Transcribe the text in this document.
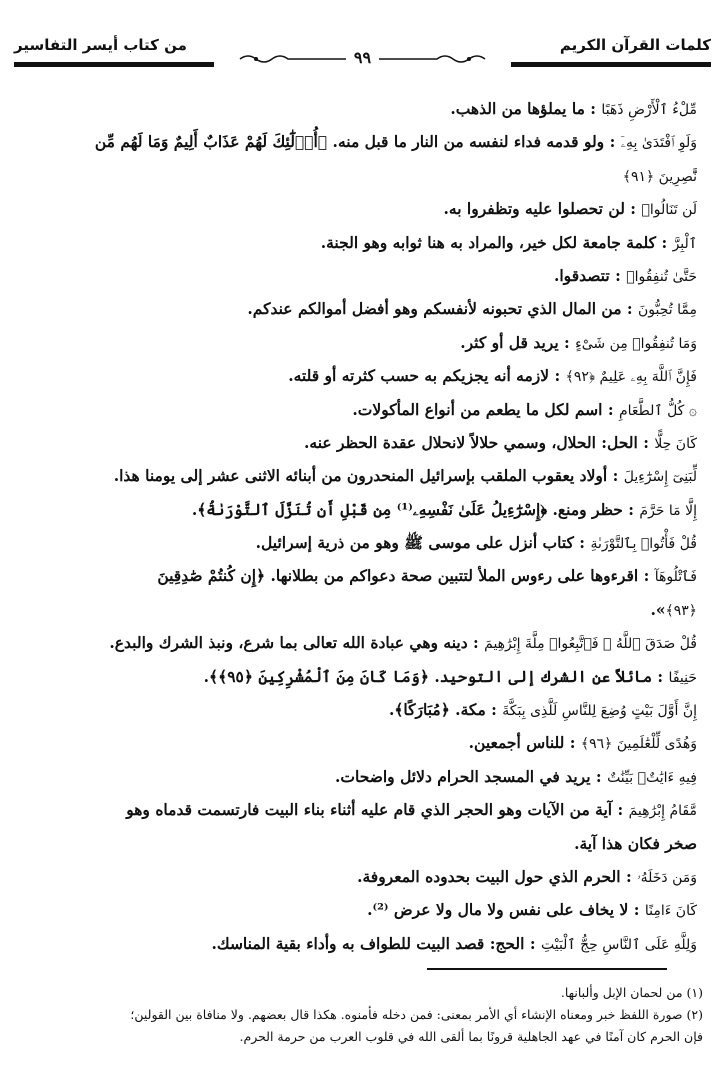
كلمات القرآن الكريم
من كتاب أيسر التفاسير
٩٩
مِّلْءُ ٱلْأَرْضِ ذَهَبًا : ما يملؤها من الذهب.
وَلَوِ ٱفْتَدَىٰ بِهِۦٓ : ولو قدمه فداء لنفسه من النار ما قبل منه. ﴿أُو۟لَٰٓئِكَ لَهُمْ عَذَابٌ أَلِيمٌ وَمَا لَهُم مِّن
نَّٰصِرِينَ ﴿٩١﴾
لَن تَنَالُوا۟ : لن تحصلوا عليه وتظفروا به.
ٱلْبِرَّ : كلمة جامعة لكل خير، والمراد به هنا ثوابه وهو الجنة.
حَتَّىٰ تُنفِقُوا۟ : تتصدقوا.
مِمَّا تُحِبُّونَ : من المال الذي تحبونه لأنفسكم وهو أفضل أموالكم عندكم.
وَمَا تُنفِقُوا۟ مِن شَىْءٍ : يريد قل أو كثر.
فَإِنَّ ٱللَّهَ بِهِۦ عَلِيمٌ ﴿٩٢﴾ : لازمه أنه يجزيكم به حسب كثرته أو قلته.
۞ كُلُّ ٱلطَّعَامِ : اسم لكل ما يطعم من أنواع المأكولات.
كَانَ حِلًّا : الحل: الحلال، وسمي حلالاً لانحلال عقدة الحظر عنه.
لِّبَنِىٓ إِسْرَٰٓءِيلَ : أولاد يعقوب الملقب بإسرائيل المنحدرون من أبنائه الاثنى عشر إلى يومنا هذا.
إِلَّا مَا حَرَّمَ : حظر ومنع. ﴿إِسْرَٰٓءِيلُ عَلَىٰ نَفْسِهِۦ⁽¹⁾ مِن قَبْلِ أَن تُنَزَّلَ ٱلتَّوْرَىٰةُ﴾.
قُلْ فَأْتُوا۟ بِٱلتَّوْرَىٰةِ : كتاب أنزل على موسى ﷺ وهو من ذرية إسرائيل.
فَٱتْلُوهَآ : اقرءوها على رءوس الملأ لتتبين صحة دعواكم من بطلانها. ﴿إِن كُنتُمْ صَٰدِقِينَ
﴿٩٣﴾».
قُلْ صَدَقَ ٱللَّهُ ۗ فَٱتَّبِعُوا۟ مِلَّةَ إِبْرَٰهِيمَ : دينه وهي عبادة الله تعالى بما شرع، ونبذ الشرك والبدع.
حَنِيفًا : مائلاً عن الشرك إلى التوحيد. ﴿وَمَا كَانَ مِنَ ٱلْمُشْرِكِينَ ﴿٩٥﴾﴾.
إِنَّ أَوَّلَ بَيْتٍ وُضِعَ لِلنَّاسِ لَلَّذِى بِبَكَّةَ : مكة. ﴿مُبَارَكًا﴾.
وَهُدًى لِّلْعَٰلَمِينَ ﴿٩٦﴾ : للناس أجمعين.
فِيهِ ءَايَٰتٌۢ بَيِّنَٰتٌ : يريد في المسجد الحرام دلائل واضحات.
مَّقَامُ إِبْرَٰهِيمَ : آية من الآيات وهو الحجر الذي قام عليه أثناء بناء البيت فارتسمت قدماه وهو
صخر فكان هذا آية.
وَمَن دَخَلَهُۥ : الحرم الذي حول البيت بحدوده المعروفة.
كَانَ ءَامِنًا : لا يخاف على نفس ولا مال ولا عرض ⁽²⁾.
وَلِلَّهِ عَلَى ٱلنَّاسِ حِجُّ ٱلْبَيْتِ : الحج: قصد البيت للطواف به وأداء بقية المناسك.
(١) من لحمان الإبل وألبانها.
(٢) صورة اللفظ خبر ومعناه الإنشاء أي الأمر بمعنى: فمن دخله فأمنوه. هكذا قال بعضهم. ولا منافاة بين القولين؛
فإن الحرم كان آمنًا في عهد الجاهلية قرونًا بما ألقى الله في قلوب العرب من حرمة الحرم.
